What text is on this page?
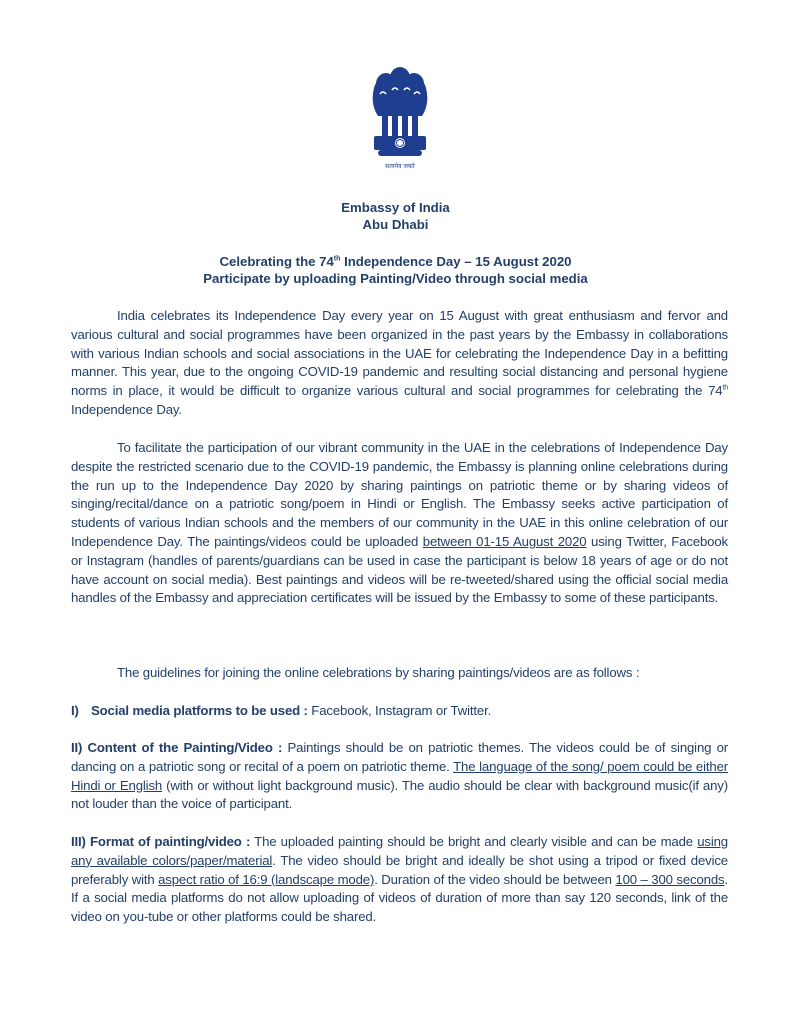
सत्यमेव जयते
Embassy of India
Abu Dhabi
Celebrating the 74th Independence Day – 15 August 2020
Participate by uploading Painting/Video through social media
India celebrates its Independence Day every year on 15 August with great enthusiasm and fervor and various cultural and social programmes have been organized in the past years by the Embassy in collaborations with various Indian schools and social associations in the UAE for celebrating the Independence Day in a befitting manner. This year, due to the ongoing COVID-19 pandemic and resulting social distancing and personal hygiene norms in place, it would be difficult to organize various cultural and social programmes for celebrating the 74th Independence Day.
To facilitate the participation of our vibrant community in the UAE in the celebrations of Independence Day despite the restricted scenario due to the COVID-19 pandemic, the Embassy is planning online celebrations during the run up to the Independence Day 2020 by sharing paintings on patriotic theme or by sharing videos of singing/recital/dance on a patriotic song/poem in Hindi or English. The Embassy seeks active participation of students of various Indian schools and the members of our community in the UAE in this online celebration of our Independence Day. The paintings/videos could be uploaded between 01-15 August 2020 using Twitter, Facebook or Instagram (handles of parents/guardians can be used in case the participant is below 18 years of age or do not have account on social media). Best paintings and videos will be re-tweeted/shared using the official social media handles of the Embassy and appreciation certificates will be issued by the Embassy to some of these participants.
The guidelines for joining the online celebrations by sharing paintings/videos are as follows :
I) Social media platforms to be used : Facebook, Instagram or Twitter.
II) Content of the Painting/Video : Paintings should be on patriotic themes. The videos could be of singing or dancing on a patriotic song or recital of a poem on patriotic theme. The language of the song/ poem could be either Hindi or English (with or without light background music). The audio should be clear with background music(if any) not louder than the voice of participant.
III) Format of painting/video : The uploaded painting should be bright and clearly visible and can be made using any available colors/paper/material. The video should be bright and ideally be shot using a tripod or fixed device preferably with aspect ratio of 16:9 (landscape mode). Duration of the video should be between 100 – 300 seconds. If a social media platforms do not allow uploading of videos of duration of more than say 120 seconds, link of the video on you-tube or other platforms could be shared.
